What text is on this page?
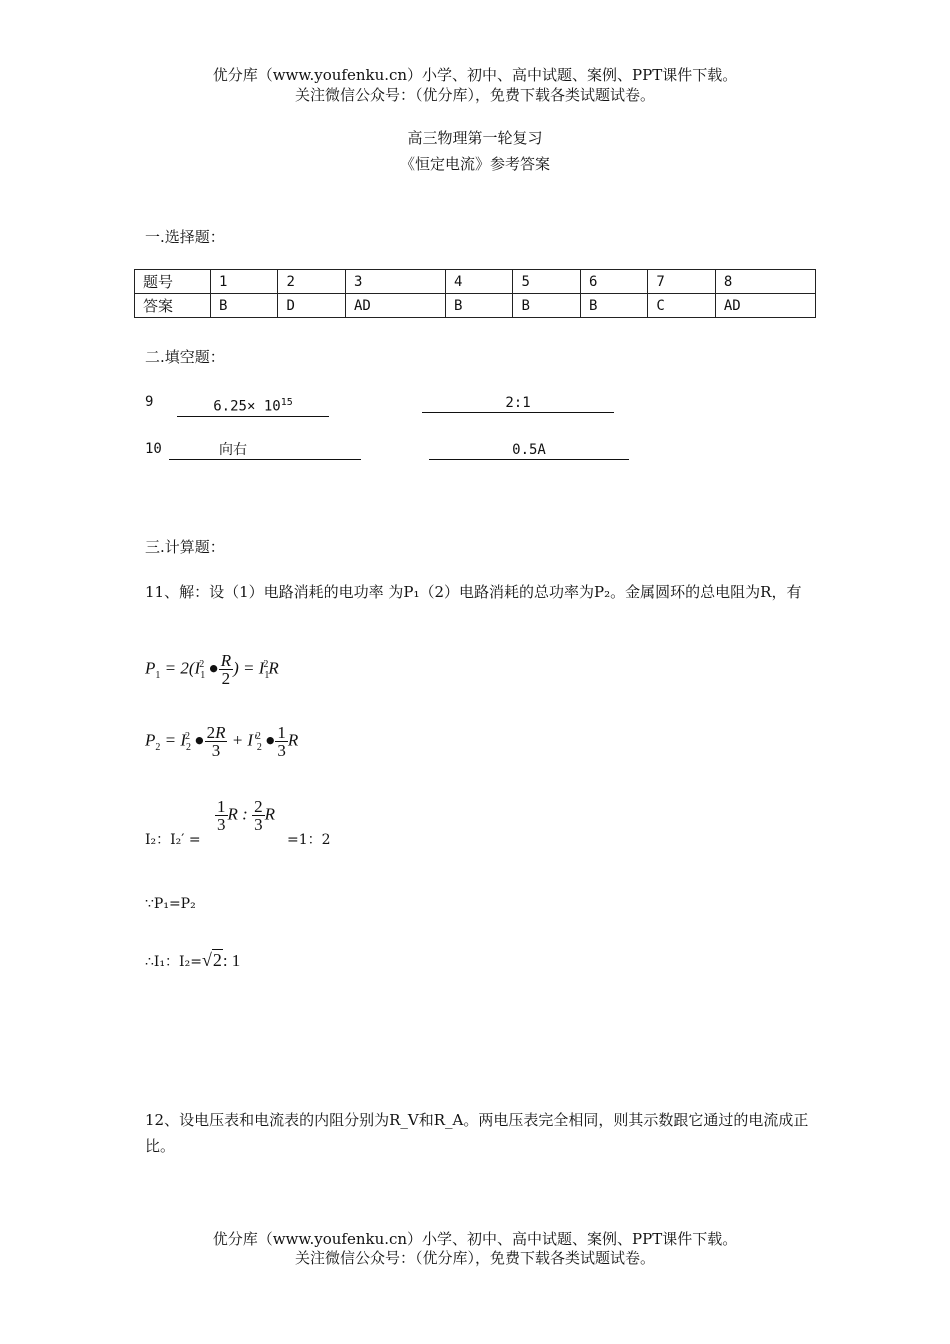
优分库（www.youfenku.cn）小学、初中、高中试题、案例、PPT课件下载。
关注微信公众号：（优分库），免费下载各类试题试卷。
高三物理第一轮复习
《恒定电流》参考答案
一.选择题：
题号	1	2	3	4	5	6	7	8
答案	B	D	AD	B	B	B	C	AD
二.填空题：
9	$6.25\times 10^{15}$	2:1
10	向右	0.5A
三.计算题：
11、解：设（1）电路消耗的电功率 为P₁（2）电路消耗的总功率为P₂。金属圆环的总电阻为R，有
$P_1 = 2(I_1^2$ ● $\frac{R}{2}$ ) = $I_1^2R$
$P_2 = I_2^2$ ● $\frac{2R}{3} + I'_2^2$ ● $\frac{1}{3}$ R
I₂：I₂′ =
$\frac{1}{3}$ R : $\frac{2}{3}$ R
=1：2
∵P₁=P₂
∴I₁：I₂=√2: 1
12、设电压表和电流表的内阻分别为R_V和R_A。两电压表完全相同，则其示数跟它通过的电流成正比。
优分库（www.youfenku.cn）小学、初中、高中试题、案例、PPT课件下载。
关注微信公众号：（优分库），免费下载各类试题试卷。
